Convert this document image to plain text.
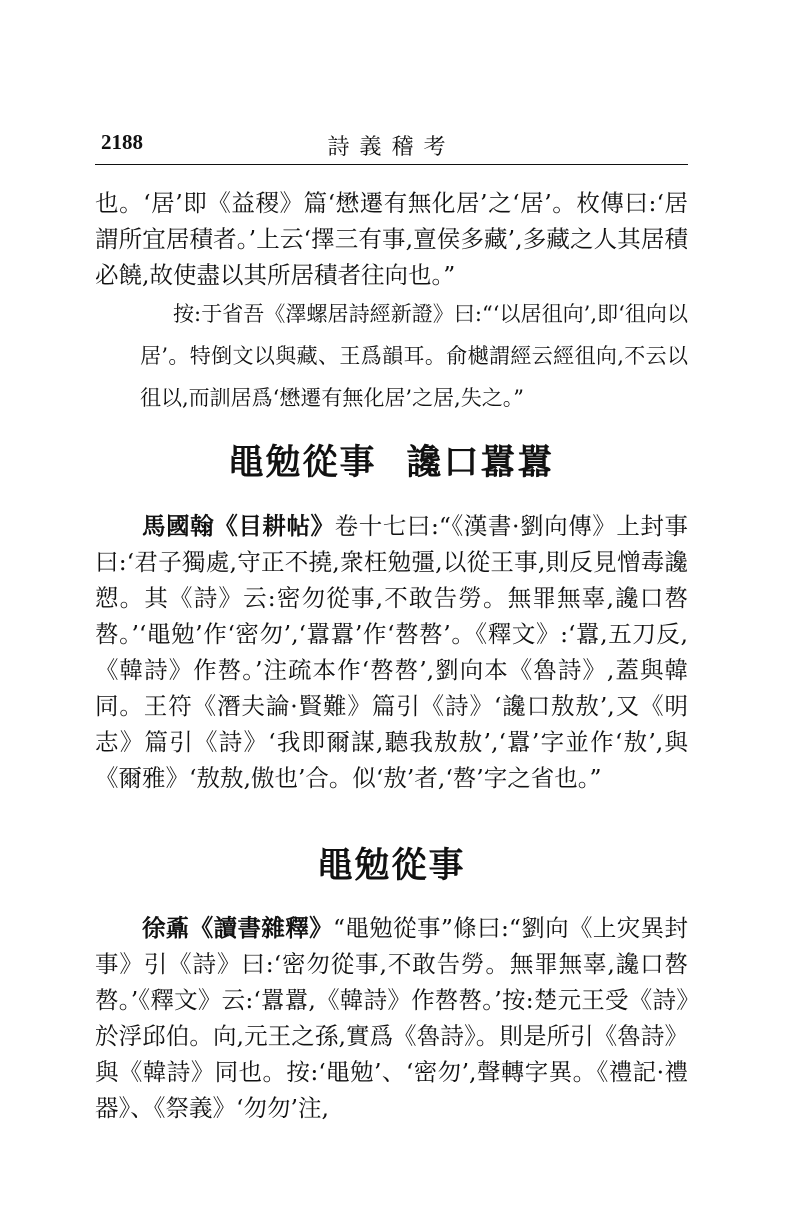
2188	詩義稽考

也。‘居’即《益稷》篇‘懋遷有無化居’之‘居’。枚傳曰:‘居謂所宜居積者。’上云‘擇三有事,亶侯多藏’,多藏之人其居積必饒,故使盡以其所居積者往向也。”

按:于省吾《澤螺居詩經新證》曰:“‘以居徂向’,即‘徂向以居’。特倒文以與藏、王爲韻耳。俞樾謂經云經徂向,不云以徂以,而訓居爲‘懋遷有無化居’之居,失之。”

黽勉從事 讒口囂囂

馬國翰《目耕帖》卷十七曰:“《漢書·劉向傳》上封事曰:‘君子獨處,守正不撓,衆枉勉彊,以從王事,則反見憎毒讒愬。其《詩》云:密勿從事,不敢告勞。無罪無辜,讒口嗸嗸。’‘黽勉’作‘密勿’,‘囂囂’作‘嗸嗸’。《釋文》:‘囂,五刀反,《韓詩》作嗸。’注疏本作‘嗸嗸’,劉向本《魯詩》,蓋與韓同。王符《潛夫論·賢難》篇引《詩》‘讒口敖敖’,又《明志》篇引《詩》‘我即爾謀,聽我敖敖’,‘囂’字並作‘敖’,與《爾雅》‘敖敖,傲也’合。似‘敖’者,‘嗸’字之省也。”

黽勉從事

徐鼒《讀書雜釋》“黽勉從事”條曰:“劉向《上灾異封事》引《詩》曰:‘密勿從事,不敢告勞。無罪無辜,讒口嗸嗸。’《釋文》云:‘囂囂,《韓詩》作嗸嗸。’按:楚元王受《詩》於浮邱伯。向,元王之孫,實爲《魯詩》。則是所引《魯詩》與《韓詩》同也。按:‘黽勉’、‘密勿’,聲轉字異。《禮記·禮器》、《祭義》‘勿勿’注,
